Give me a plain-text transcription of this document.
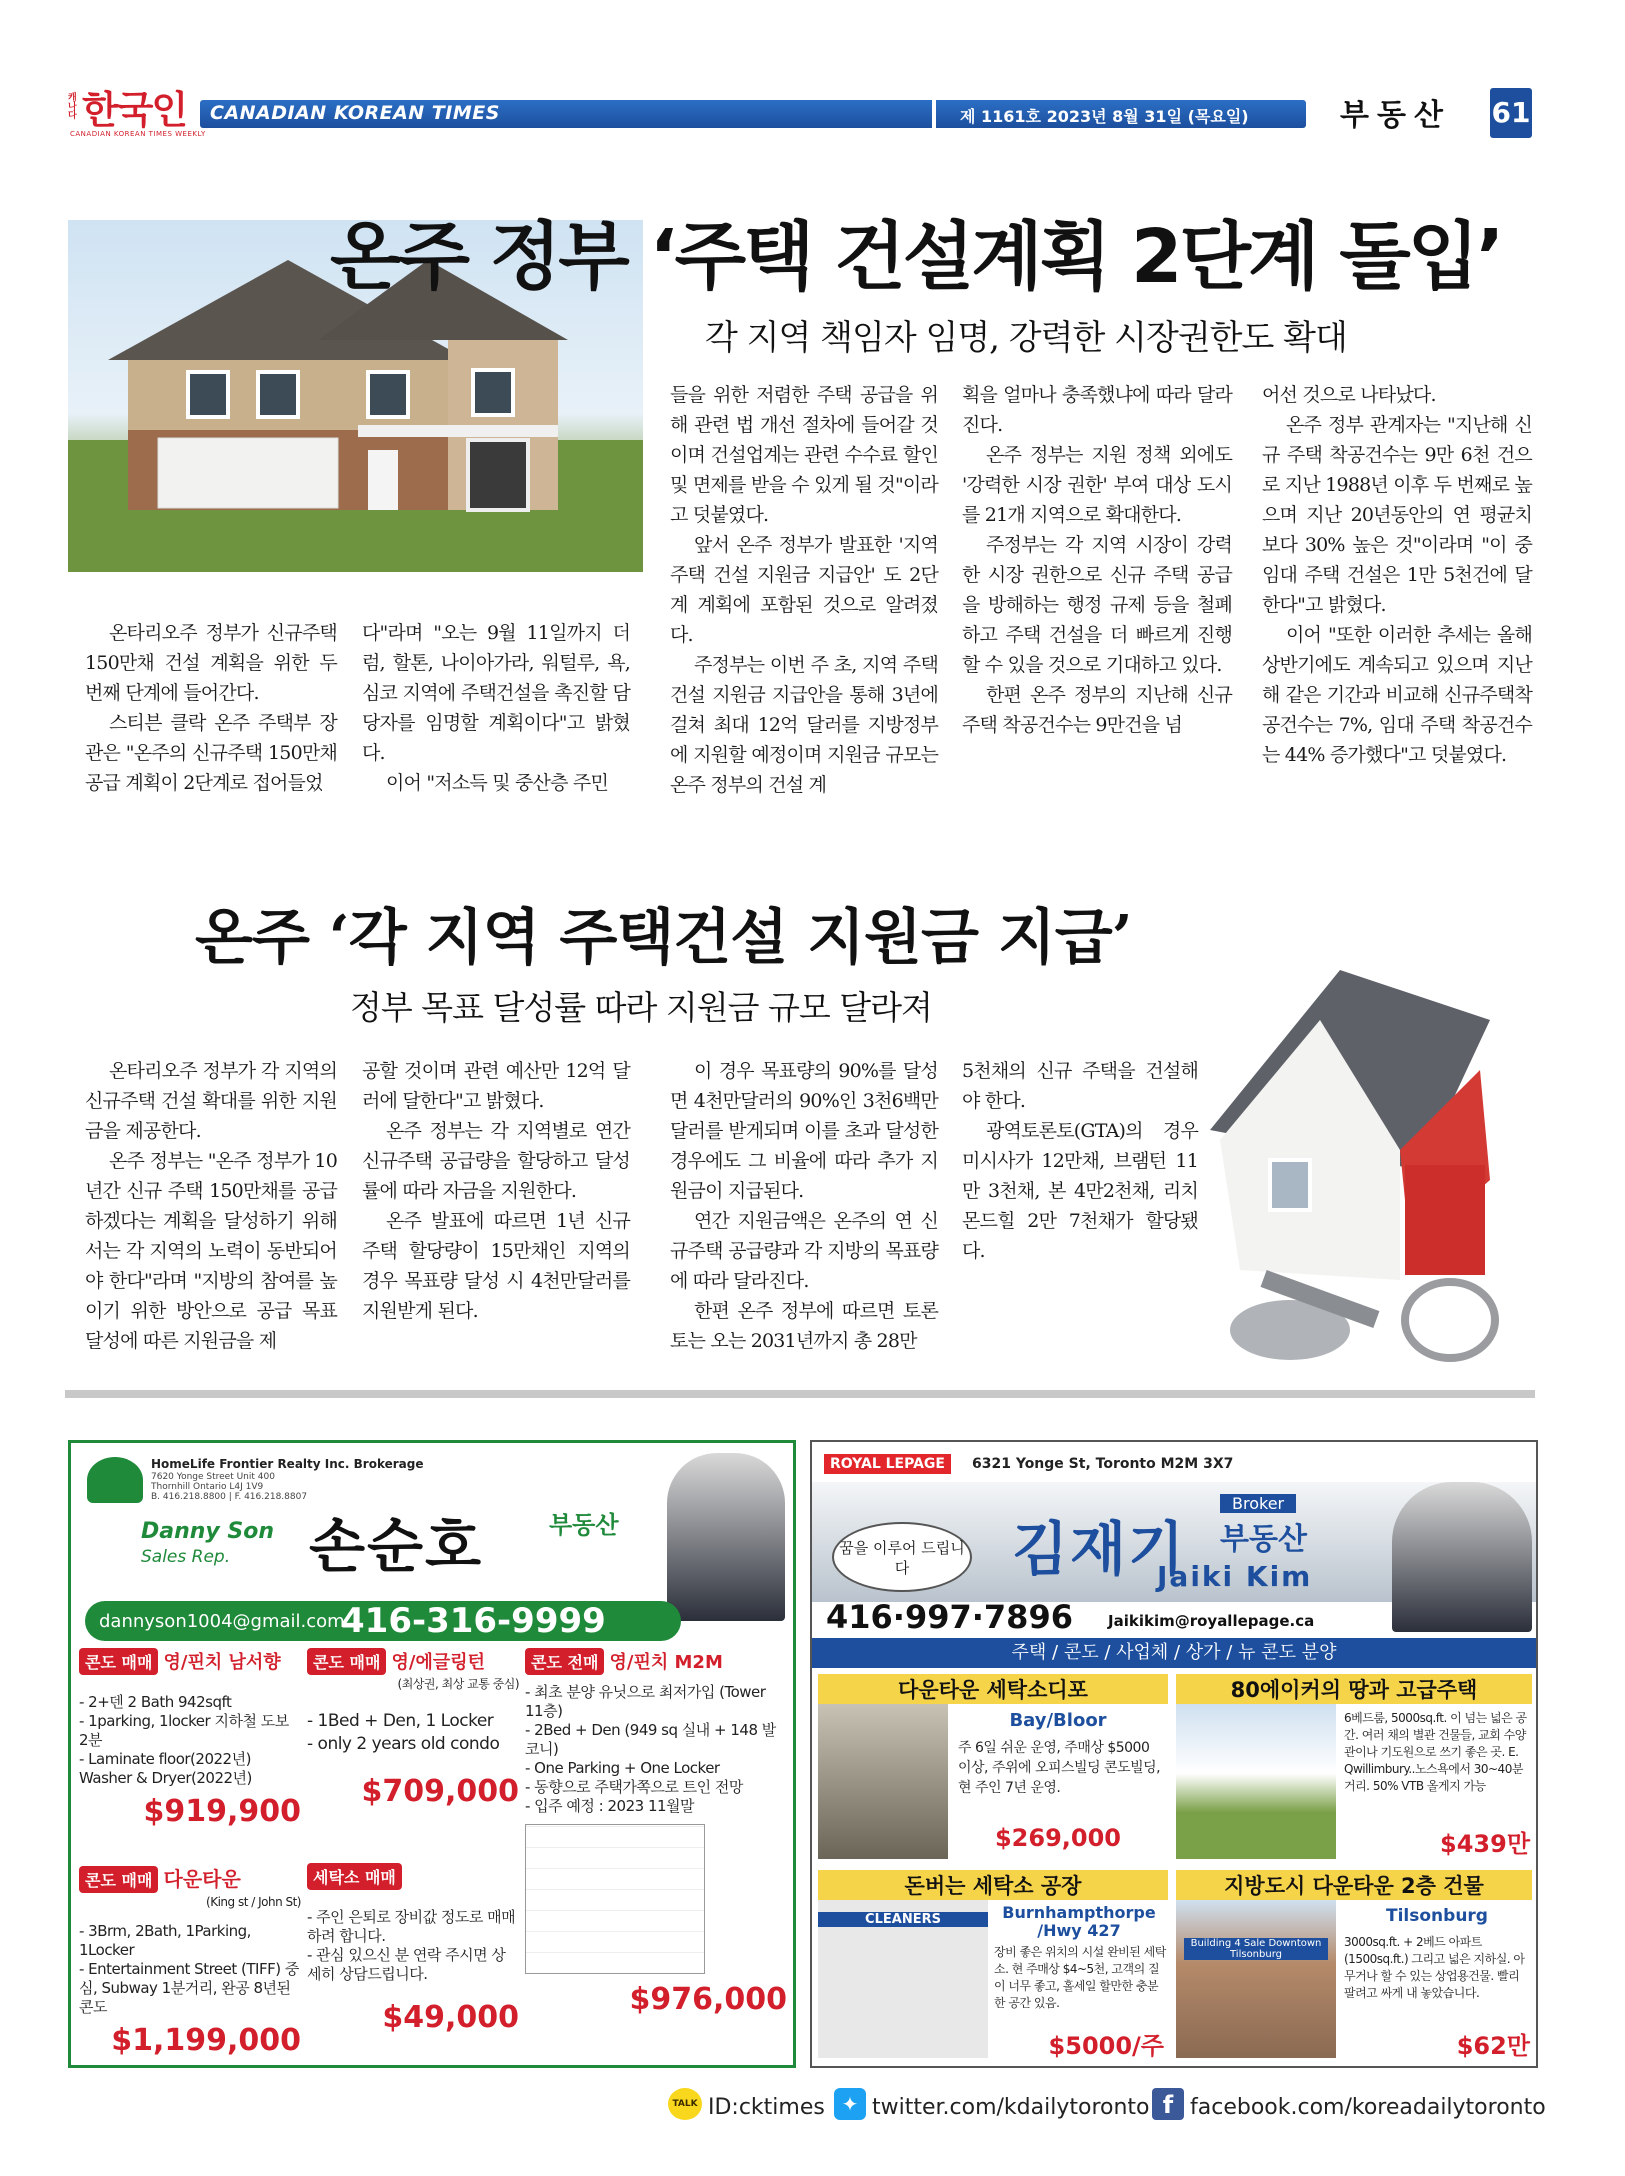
캐나다 한국인
CANADIAN KOREAN TIMES WEEKLY
CANADIAN KOREAN TIMES	제 1161호 2023년 8월 31일 (목요일)	부동산 61
온주 정부 ‘주택 건설계획 2단계 돌입’
각 지역 책임자 임명, 강력한 시장권한도 확대

온타리오주 정부가 신규주택 150만채 건설 계획을 위한 두 번째 단계에 들어간다.

스티븐 클락 온주 주택부 장관은 "온주의 신규주택 150만채 공급 계획이 2단계로 접어들었

다"라며 "오는 9월 11일까지 더럼, 할톤, 나이아가라, 워털루, 욕, 심코 지역에 주택건설을 촉진할 담당자를 임명할 계획이다"고 밝혔다.

이어 "저소득 및 중산층 주민

들을 위한 저렴한 주택 공급을 위해 관련 법 개선 절차에 들어갈 것이며 건설업계는 관련 수수료 할인 및 면제를 받을 수 있게 될 것"이라고 덧붙였다.

앞서 온주 정부가 발표한 '지역 주택 건설 지원금 지급안' 도 2단계 계획에 포함된 것으로 알려졌다.

주정부는 이번 주 초, 지역 주택건설 지원금 지급안을 통해 3년에 걸쳐 최대 12억 달러를 지방정부에 지원할 예정이며 지원금 규모는 온주 정부의 건설 계

획을 얼마나 충족했냐에 따라 달라진다.

온주 정부는 지원 정책 외에도 '강력한 시장 권한' 부여 대상 도시를 21개 지역으로 확대한다.

주정부는 각 지역 시장이 강력한 시장 권한으로 신규 주택 공급을 방해하는 행정 규제 등을 철폐하고 주택 건설을 더 빠르게 진행할 수 있을 것으로 기대하고 있다.

한편 온주 정부의 지난해 신규 주택 착공건수는 9만건을 넘

어선 것으로 나타났다.

온주 정부 관계자는 "지난해 신규 주택 착공건수는 9만 6천 건으로 지난 1988년 이후 두 번째로 높으며 지난 20년동안의 연 평균치보다 30% 높은 것"이라며 "이 중 임대 주택 건설은 1만 5천건에 달한다"고 밝혔다.

이어 "또한 이러한 추세는 올해 상반기에도 계속되고 있으며 지난해 같은 기간과 비교해 신규주택착공건수는 7%, 임대 주택 착공건수는 44% 증가했다"고 덧붙였다.

온주 ‘각 지역 주택건설 지원금 지급’
정부 목표 달성률 따라 지원금 규모 달라져

온타리오주 정부가 각 지역의 신규주택 건설 확대를 위한 지원금을 제공한다.

온주 정부는 "온주 정부가 10년간 신규 주택 150만채를 공급하겠다는 계획을 달성하기 위해서는 각 지역의 노력이 동반되어야 한다"라며 "지방의 참여를 높이기 위한 방안으로 공급 목표 달성에 따른 지원금을 제

공할 것이며 관련 예산만 12억 달러에 달한다"고 밝혔다.

온주 정부는 각 지역별로 연간 신규주택 공급량을 할당하고 달성률에 따라 자금을 지원한다.

온주 발표에 따르면 1년 신규 주택 할당량이 15만채인 지역의 경우 목표량 달성 시 4천만달러를 지원받게 된다.

이 경우 목표량의 90%를 달성면 4천만달러의 90%인 3천6백만달러를 받게되며 이를 초과 달성한 경우에도 그 비율에 따라 추가 지원금이 지급된다.

연간 지원금액은 온주의 연 신규주택 공급량과 각 지방의 목표량에 따라 달라진다.

한편 온주 정부에 따르면 토론토는 오는 2031년까지 총 28만

5천채의 신규 주택을 건설해야 한다.

광역토론토(GTA)의 경우 미시사가 12만채, 브램턴 11만 3천채, 본 4만2천채, 리치몬드힐 2만 7천채가 할당됐다.

HomeLife Frontier Realty Inc. Brokerage
7620 Yonge Street Unit 400
Thornhill Ontario L4J 1V9
B. 416.218.8800 | F. 416.218.8807
Danny Son
Sales Rep. 손순호	부동산
dannyson1004@gmail.com
416-316-9999
콘도 매매 영/핀치 남서향
- 2+덴 2 Bath 942sqft
- 1parking, 1locker 지하철 도보 2분
- Laminate floor(2022년) Washer & Dryer(2022년)
$919,900
콘도 매매 영/에글링턴
(최상권, 최상 교통 중심)
- 1Bed + Den, 1 Locker
- only 2 years old condo
$709,000
콘도 전매 영/핀치 M2M
- 최초 분양 유닛으로 최저가입 (Tower 11층)
- 2Bed + Den (949 sq 실내 + 148 발코니)
- One Parking + One Locker
- 동향으로 주택가쪽으로 트인 전망
- 입주 예정 : 2023 11월말
$976,000
콘도 매매 다운타운
(King st / John St)
- 3Brm, 2Bath, 1Parking, 1Locker
- Entertainment Street (TIFF) 중심, Subway 1분거리, 완공 8년된 콘도
$1,199,000
세탁소 매매
- 주인 은퇴로 장비값 정도로 매매하려 합니다.
- 관심 있으신 분 연락 주시면 상세히 상담드립니다.
$49,000
ROYAL LEPAGE	6321 Yonge St, Toronto M2M 3X7
꿈을 이루어 드립니다	김재기
Broker
부동산
Jaiki Kim
416·997·7896 Jaikikim@royallepage.ca
주택 / 콘도 / 사업체 / 상가 / 뉴 콘도 분양
다운타운 세탁소디포
Bay/Bloor
주 6일 쉬운 운영, 주매상 $5000 이상, 주위에 오피스빌딩 콘도빌딩, 현 주인 7년 운영.
$269,000
80에이커의 땅과 고급주택
6베드룸, 5000sq.ft. 이 넘는 넓은 공간. 여러 채의 별관 건물들, 교회 수양관이나 기도원으로 쓰기 좋은 곳. E. Qwillimbury..노스욕에서 30~40분 거리. 50% VTB 올게지 가능
$439만
돈버는 세탁소 공장
CLEANERS	Burnhampthorpe /Hwy 427
장비 좋은 위치의 시설 완비된 세탁소. 현 주매상 $4~5천, 고객의 질이 너무 좋고, 홀세일 할만한 충분한 공간 있음.
$5000/주
지방도시 다운타운 2층 건물
Building 4 Sale Downtown Tilsonburg
Tilsonburg
3000sq.ft. + 2베드 아파트 (1500sq.ft.) 그리고 넓은 지하실. 아무거나 할 수 있는 상업용건물. 빨리 팔려고 싸게 내 놓았습니다.
$62만
TALK ID:cktimes ✦ twitter.com/kdailytoronto f facebook.com/koreadailytoronto
